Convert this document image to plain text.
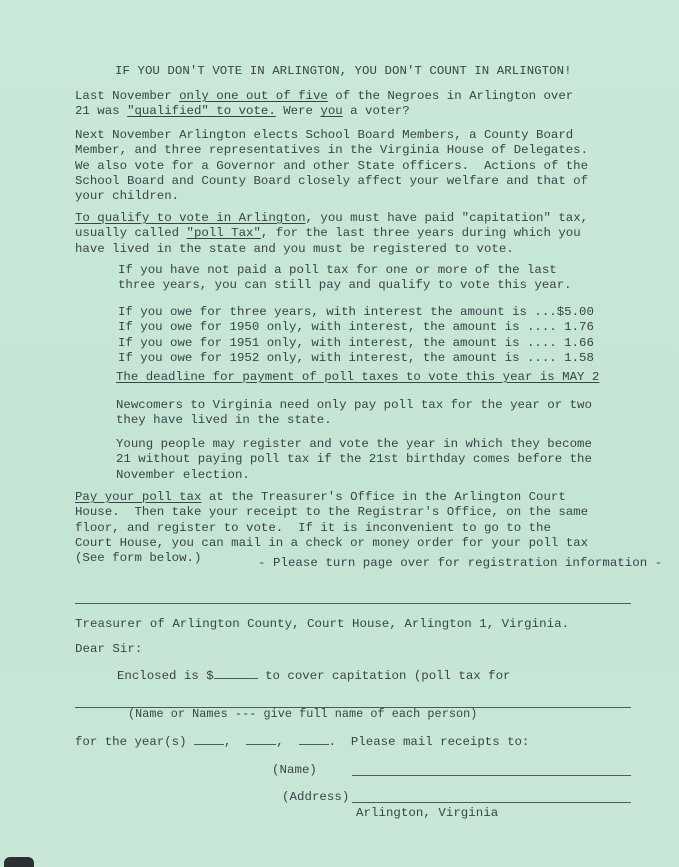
IF YOU DON'T VOTE IN ARLINGTON, YOU DON'T COUNT IN ARLINGTON!
Last November only one out of five of the Negroes in Arlington over
21 was "qualified" to vote. Were you a voter?
Next November Arlington elects School Board Members, a County Board
Member, and three representatives in the Virginia House of Delegates.
We also vote for a Governor and other State officers.  Actions of the
School Board and County Board closely affect your welfare and that of
your children.
To qualify to vote in Arlington, you must have paid "capitation" tax,
usually called "poll Tax", for the last three years during which you
have lived in the state and you must be registered to vote.
If you have not paid a poll tax for one or more of the last
three years, you can still pay and qualify to vote this year.
If you owe for three years, with interest the amount is ...$5.00
If you owe for 1950 only, with interest, the amount is .... 1.76
If you owe for 1951 only, with interest, the amount is .... 1.66
If you owe for 1952 only, with interest, the amount is .... 1.58
The deadline for payment of poll taxes to vote this year is MAY 2
Newcomers to Virginia need only pay poll tax for the year or two
they have lived in the state.
Young people may register and vote the year in which they become
21 without paying poll tax if the 21st birthday comes before the
November election.
Pay your poll tax at the Treasurer's Office in the Arlington Court
House.  Then take your receipt to the Registrar's Office, on the same
floor, and register to vote.  If it is inconvenient to go to the
Court House, you can mail in a check or money order for your poll tax
(See form below.)	- Please turn page over for registration information -
Treasurer of Arlington County, Court House, Arlington 1, Virginia.
Dear Sir:
Enclosed is $	to cover capitation (poll tax for
(Name or Names --- give full name of each person)
for the year(s)	,  ,  .  Please mail receipts to:
(Name)
(Address)
Arlington, Virginia
